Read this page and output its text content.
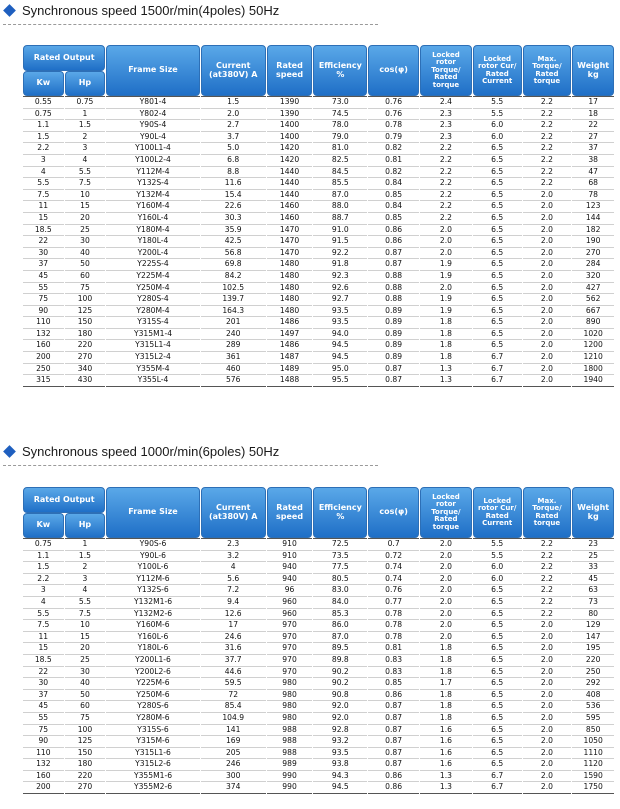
Synchronous speed 1500r/min(4poles) 50Hz
Rated Output		Frame Size	Current (at380V) A	Rated speed	Efficiency %	cos(φ)	Locked rotor Torque/ Rated torque	Locked rotor Cur/ Rated Current	Max. Torque/ Rated torque	Weight kg

Kw	Hp									

0.55	0.75	Y801-4	1.5	1390	73.0	0.76	2.4	5.5	2.2	17
0.75	1	Y802-4	2.0	1390	74.5	0.76	2.3	5.5	2.2	18
1.1	1.5	Y90S-4	2.7	1400	78.0	0.78	2.3	6.0	2.2	22
1.5	2	Y90L-4	3.7	1400	79.0	0.79	2.3	6.0	2.2	27
2.2	3	Y100L1-4	5.0	1420	81.0	0.82	2.2	6.5	2.2	37
3	4	Y100L2-4	6.8	1420	82.5	0.81	2.2	6.5	2.2	38
4	5.5	Y112M-4	8.8	1440	84.5	0.82	2.2	6.5	2.2	47
5.5	7.5	Y132S-4	11.6	1440	85.5	0.84	2.2	6.5	2.2	68
7.5	10	Y132M-4	15.4	1440	87.0	0.85	2.2	6.5	2.0	78
11	15	Y160M-4	22.6	1460	88.0	0.84	2.2	6.5	2.0	123
15	20	Y160L-4	30.3	1460	88.7	0.85	2.2	6.5	2.0	144
18.5	25	Y180M-4	35.9	1470	91.0	0.86	2.0	6.5	2.0	182
22	30	Y180L-4	42.5	1470	91.5	0.86	2.0	6.5	2.0	190
30	40	Y200L-4	56.8	1470	92.2	0.87	2.0	6.5	2.0	270
37	50	Y225S-4	69.8	1480	91.8	0.87	1.9	6.5	2.0	284
45	60	Y225M-4	84.2	1480	92.3	0.88	1.9	6.5	2.0	320
55	75	Y250M-4	102.5	1480	92.6	0.88	2.0	6.5	2.0	427
75	100	Y280S-4	139.7	1480	92.7	0.88	1.9	6.5	2.0	562
90	125	Y280M-4	164.3	1480	93.5	0.89	1.9	6.5	2.0	667
110	150	Y315S-4	201	1486	93.5	0.89	1.8	6.5	2.0	890
132	180	Y315M1-4	240	1497	94.0	0.89	1.8	6.5	2.0	1020
160	220	Y315L1-4	289	1486	94.5	0.89	1.8	6.5	2.0	1200
200	270	Y315L2-4	361	1487	94.5	0.89	1.8	6.7	2.0	1210
250	340	Y355M-4	460	1489	95.0	0.87	1.3	6.7	2.0	1800
315	430	Y355L-4	576	1488	95.5	0.87	1.3	6.7	2.0	1940
Synchronous speed 1000r/min(6poles) 50Hz
Rated Output		Frame Size	Current (at380V) A	Rated speed	Efficiency %	cos(φ)	Locked rotor Torque/ Rated torque	Locked rotor Cur/ Rated Current	Max. Torque/ Rated torque	Weight kg

Kw	Hp									

0.75	1	Y90S-6	2.3	910	72.5	0.7	2.0	5.5	2.2	23
1.1	1.5	Y90L-6	3.2	910	73.5	0.72	2.0	5.5	2.2	25
1.5	2	Y100L-6	4	940	77.5	0.74	2.0	6.0	2.2	33
2.2	3	Y112M-6	5.6	940	80.5	0.74	2.0	6.0	2.2	45
3	4	Y132S-6	7.2	96	83.0	0.76	2.0	6.5	2.2	63
4	5.5	Y132M1-6	9.4	960	84.0	0.77	2.0	6.5	2.2	73
5.5	7.5	Y132M2-6	12.6	960	85.3	0.78	2.0	6.5	2.2	80
7.5	10	Y160M-6	17	970	86.0	0.78	2.0	6.5	2.0	129
11	15	Y160L-6	24.6	970	87.0	0.78	2.0	6.5	2.0	147
15	20	Y180L-6	31.6	970	89.5	0.81	1.8	6.5	2.0	195
18.5	25	Y200L1-6	37.7	970	89.8	0.83	1.8	6.5	2.0	220
22	30	Y200L2-6	44.6	970	90.2	0.83	1.8	6.5	2.0	250
30	40	Y225M-6	59.5	980	90.2	0.85	1.7	6.5	2.0	292
37	50	Y250M-6	72	980	90.8	0.86	1.8	6.5	2.0	408
45	60	Y280S-6	85.4	980	92.0	0.87	1.8	6.5	2.0	536
55	75	Y280M-6	104.9	980	92.0	0.87	1.8	6.5	2.0	595
75	100	Y315S-6	141	988	92.8	0.87	1.6	6.5	2.0	850
90	125	Y315M-6	169	988	93.2	0.87	1.6	6.5	2.0	1050
110	150	Y315L1-6	205	988	93.5	0.87	1.6	6.5	2.0	1110
132	180	Y315L2-6	246	989	93.8	0.87	1.6	6.5	2.0	1120
160	220	Y355M1-6	300	990	94.3	0.86	1.3	6.7	2.0	1590
200	270	Y355M2-6	374	990	94.5	0.86	1.3	6.7	2.0	1750
